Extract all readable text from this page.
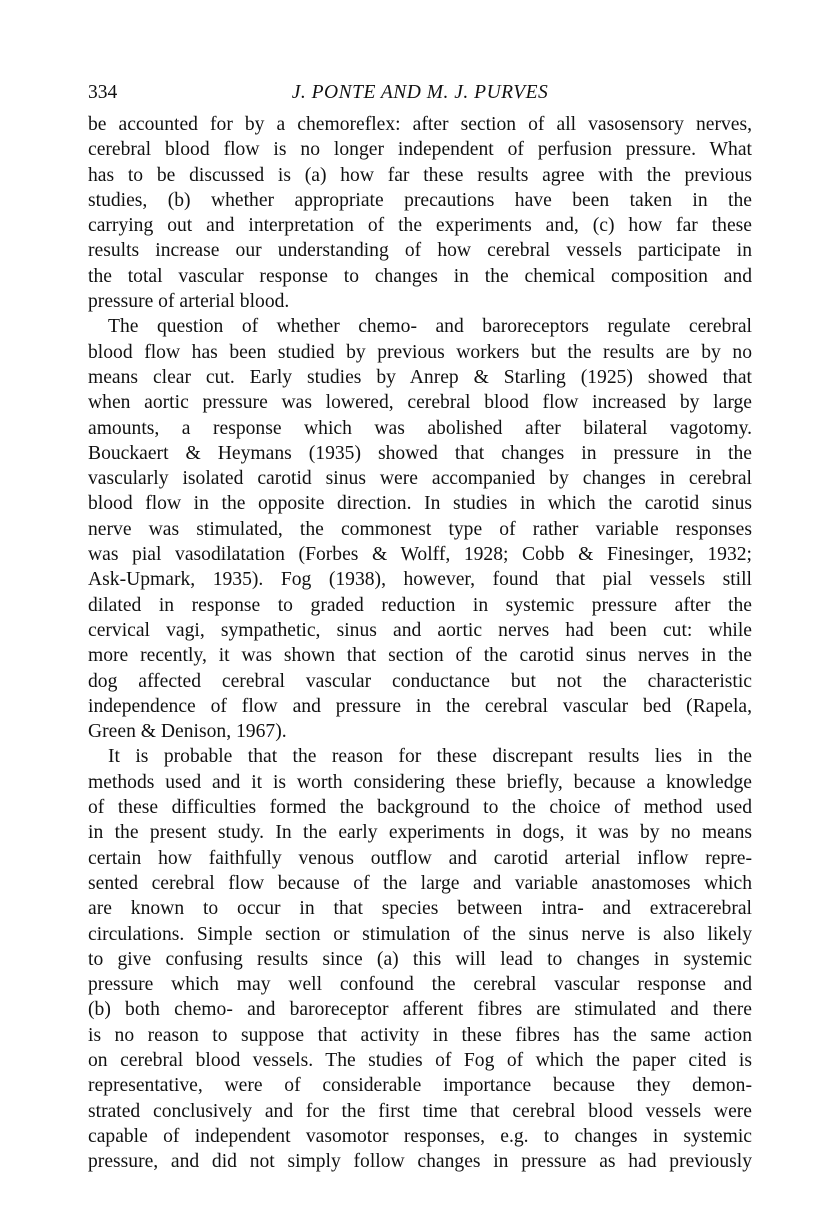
334	J. PONTE AND M. J. PURVES
be accounted for by a chemoreflex: after section of all vasosensory nerves,
cerebral blood flow is no longer independent of perfusion pressure. What
has to be discussed is (a) how far these results agree with the previous
studies, (b) whether appropriate precautions have been taken in the
carrying out and interpretation of the experiments and, (c) how far these
results increase our understanding of how cerebral vessels participate in
the total vascular response to changes in the chemical composition and
pressure of arterial blood.
The question of whether chemo- and baroreceptors regulate cerebral
blood flow has been studied by previous workers but the results are by no
means clear cut. Early studies by Anrep & Starling (1925) showed that
when aortic pressure was lowered, cerebral blood flow increased by large
amounts, a response which was abolished after bilateral vagotomy.
Bouckaert & Heymans (1935) showed that changes in pressure in the
vascularly isolated carotid sinus were accompanied by changes in cerebral
blood flow in the opposite direction. In studies in which the carotid sinus
nerve was stimulated, the commonest type of rather variable responses
was pial vasodilatation (Forbes & Wolff, 1928; Cobb & Finesinger, 1932;
Ask-Upmark, 1935). Fog (1938), however, found that pial vessels still
dilated in response to graded reduction in systemic pressure after the
cervical vagi, sympathetic, sinus and aortic nerves had been cut: while
more recently, it was shown that section of the carotid sinus nerves in the
dog affected cerebral vascular conductance but not the characteristic
independence of flow and pressure in the cerebral vascular bed (Rapela,
Green & Denison, 1967).
It is probable that the reason for these discrepant results lies in the
methods used and it is worth considering these briefly, because a knowledge
of these difficulties formed the background to the choice of method used
in the present study. In the early experiments in dogs, it was by no means
certain how faithfully venous outflow and carotid arterial inflow repre-
sented cerebral flow because of the large and variable anastomoses which
are known to occur in that species between intra- and extracerebral
circulations. Simple section or stimulation of the sinus nerve is also likely
to give confusing results since (a) this will lead to changes in systemic
pressure which may well confound the cerebral vascular response and
(b) both chemo- and baroreceptor afferent fibres are stimulated and there
is no reason to suppose that activity in these fibres has the same action
on cerebral blood vessels. The studies of Fog of which the paper cited is
representative, were of considerable importance because they demon-
strated conclusively and for the first time that cerebral blood vessels were
capable of independent vasomotor responses, e.g. to changes in systemic
pressure, and did not simply follow changes in pressure as had previously
